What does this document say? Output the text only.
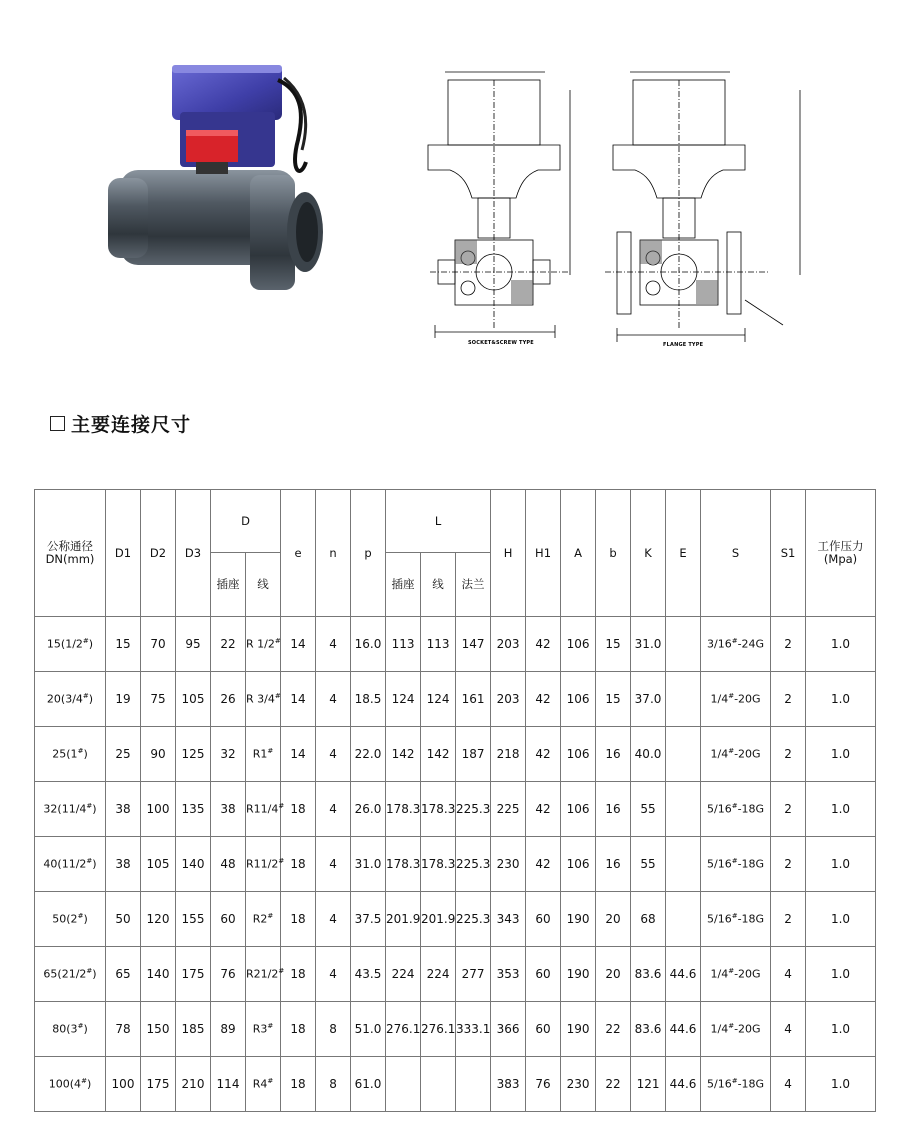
SOCKET&SCREW TYPE	FLANGE TYPE
主要连接尺寸
公称通径
DN(mm)	D1	D2	D3	D		e	n	p	L			H	H1	A	b	K	E	S	S1	工作压力
(Mpa)
				插座	线				插座	线	法兰									
15(1/2#)	15	70	95	22	R 1/2#	14	4	16.0	113	113	147	203	42	106	15	31.0		3/16#-24G	2	1.0
20(3/4#)	19	75	105	26	R 3/4#	14	4	18.5	124	124	161	203	42	106	15	37.0		1/4#-20G	2	1.0
25(1#)	25	90	125	32	R1#	14	4	22.0	142	142	187	218	42	106	16	40.0		1/4#-20G	2	1.0
32(11/4#)	38	100	135	38	R11/4#	18	4	26.0	178.3	178.3	225.3	225	42	106	16	55		5/16#-18G	2	1.0
40(11/2#)	38	105	140	48	R11/2#	18	4	31.0	178.3	178.3	225.3	230	42	106	16	55		5/16#-18G	2	1.0
50(2#)	50	120	155	60	R2#	18	4	37.5	201.9	201.9	225.3	343	60	190	20	68		5/16#-18G	2	1.0
65(21/2#)	65	140	175	76	R21/2#	18	4	43.5	224	224	277	353	60	190	20	83.6	44.6	1/4#-20G	4	1.0
80(3#)	78	150	185	89	R3#	18	8	51.0	276.1	276.1	333.1	366	60	190	22	83.6	44.6	1/4#-20G	4	1.0
100(4#)	100	175	210	114	R4#	18	8	61.0				383	76	230	22	121	44.6	5/16#-18G	4	1.0
